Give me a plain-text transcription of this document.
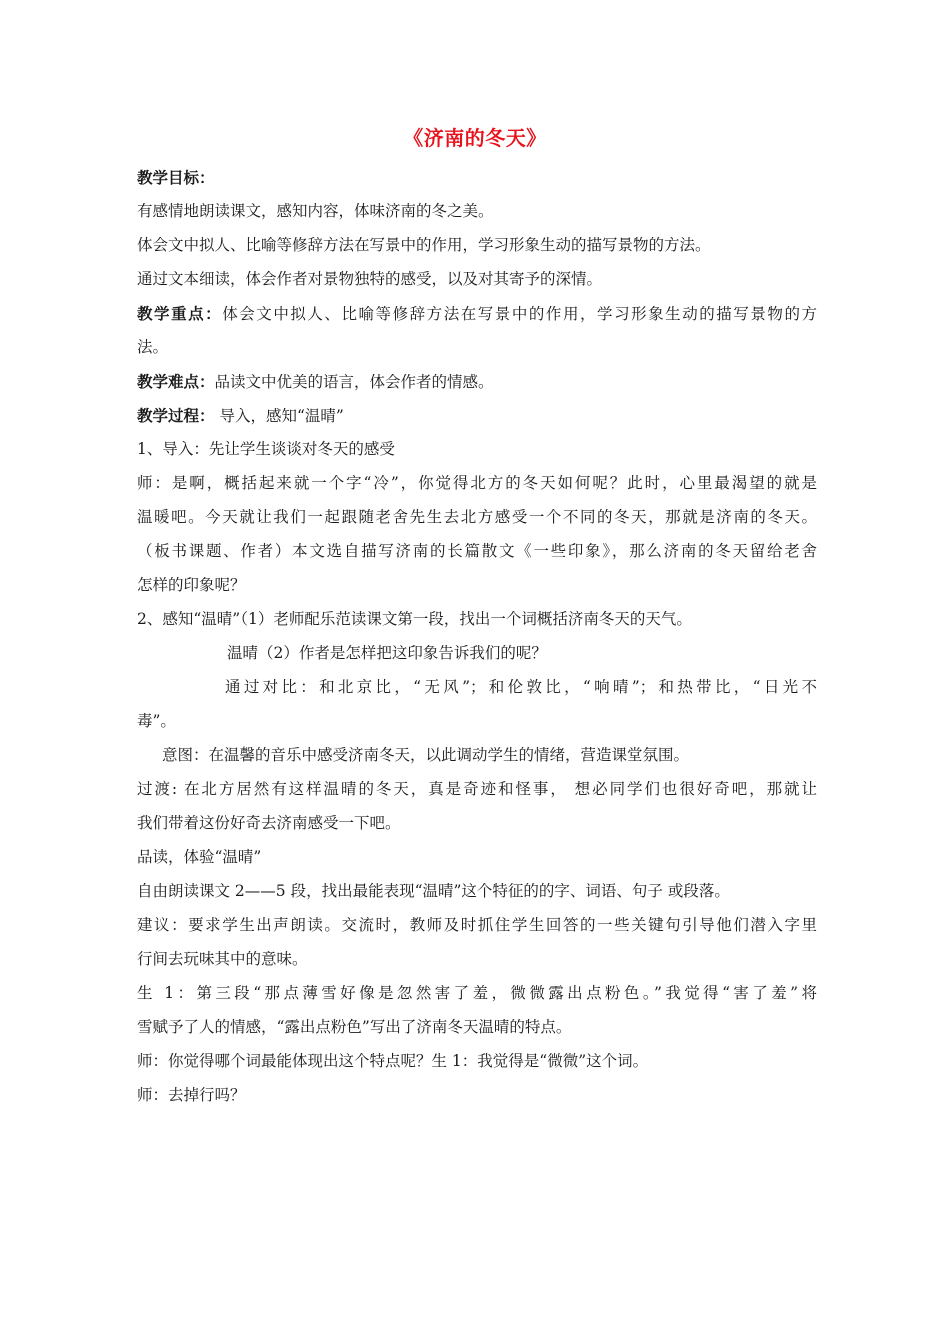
《济南的冬天》
教学目标：
有感情地朗读课文，感知内容，体味济南的冬之美。
体会文中拟人、比喻等修辞方法在写景中的作用，学习形象生动的描写景物的方法。
通过文本细读，体会作者对景物独特的感受，以及对其寄予的深情。
教学重点：体会文中拟人、比喻等修辞方法在写景中的作用，学习形象生动的描写景物的方
法。
教学难点：品读文中优美的语言，体会作者的情感。
教学过程： 导入，感知“温晴”
1、导入：先让学生谈谈对冬天的感受
师：是啊，概括起来就一个字“冷”，你觉得北方的冬天如何呢？此时，心里最渴望的就是
温暖吧。今天就让我们一起跟随老舍先生去北方感受一个不同的冬天，那就是济南的冬天。
（板书课题、作者）本文选自描写济南的长篇散文《一些印象》，那么济南的冬天留给老舍
怎样的印象呢？
2、感知“温晴”（1）老师配乐范读课文第一段，找出一个词概括济南冬天的天气。
温晴（2）作者是怎样把这印象告诉我们的呢？
通过对比：和北京比，“无风”；和伦敦比，“响晴”；和热带比，“日光不
毒”。
意图：在温馨的音乐中感受济南冬天，以此调动学生的情绪，营造课堂氛围。
过渡: 在北方居然有这样温晴的冬天，真是奇迹和怪事， 想必同学们也很好奇吧，那就让
我们带着这份好奇去济南感受一下吧。
品读，体验“温晴”
自由朗读课文 2——5 段，找出最能表现“温晴”这个特征的的字、词语、句子 或段落。
建议：要求学生出声朗读。交流时，教师及时抓住学生回答的一些关键句引导他们潜入字里
行间去玩味其中的意味。
生 1：第三段“那点薄雪好像是忽然害了羞，微微露出点粉色。”我觉得“害了羞”将
雪赋予了人的情感，“露出点粉色”写出了济南冬天温晴的特点。
师：你觉得哪个词最能体现出这个特点呢？生 1：我觉得是“微微”这个词。
师：去掉行吗？
